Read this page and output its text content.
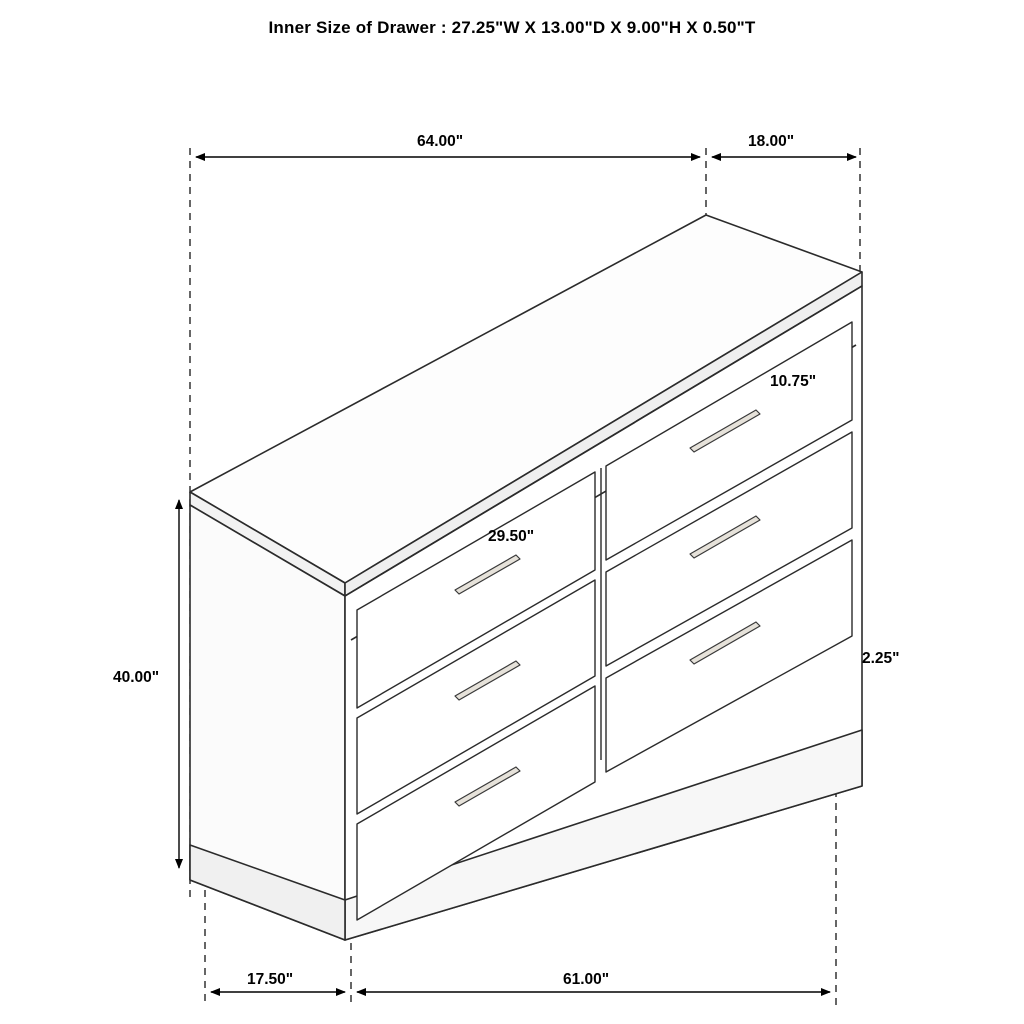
Inner Size of Drawer : 27.25"W X 13.00"D X 9.00"H X 0.50"T
64.00"	18.00"
40.00"
10.75"
2.25"
29.50"
17.50"	61.00"
